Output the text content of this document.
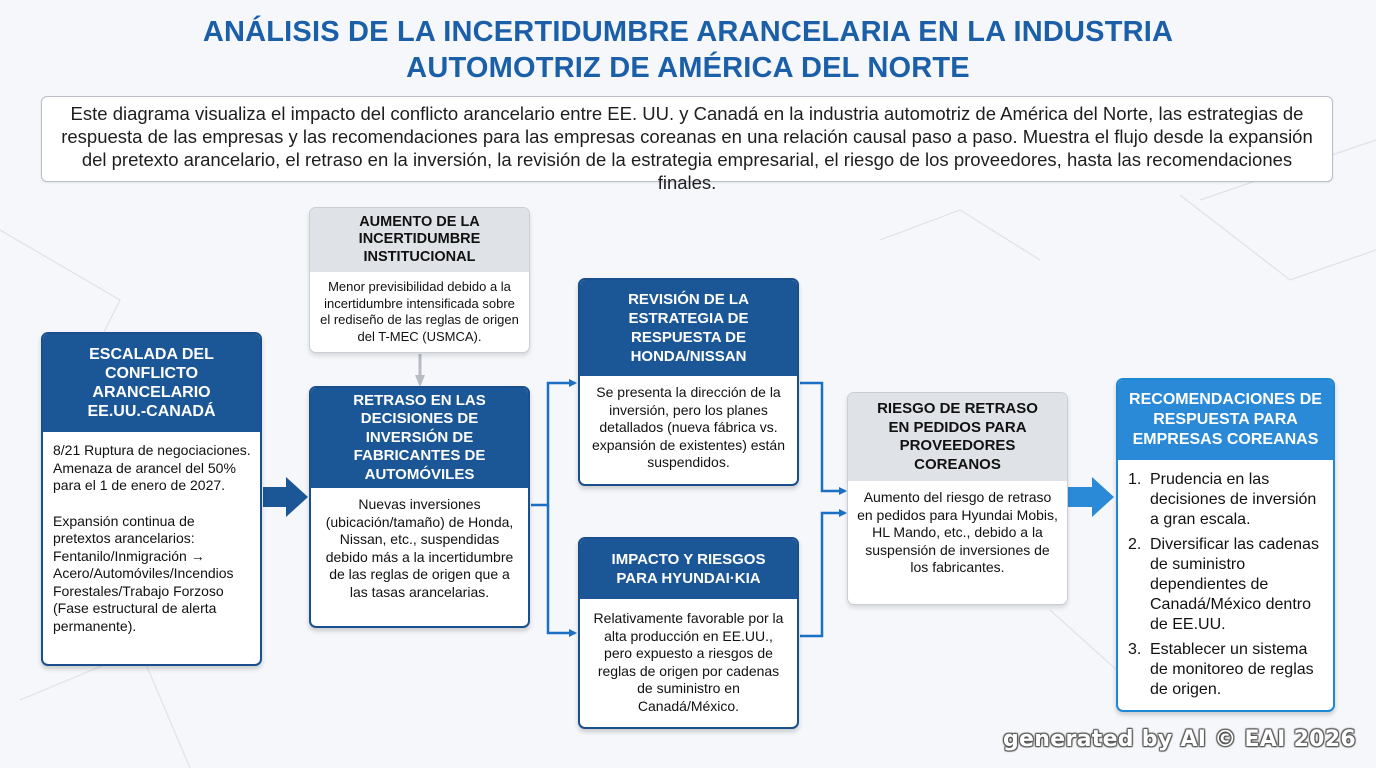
ANÁLISIS DE LA INCERTIDUMBRE ARANCELARIA EN LA INDUSTRIA
AUTOMOTRIZ DE AMÉRICA DEL NORTE
Este diagrama visualiza el impacto del conflicto arancelario entre EE. UU. y Canadá en la industria automotriz de América del Norte, las estrategias de respuesta de las empresas y las recomendaciones para las empresas coreanas en una relación causal paso a paso. Muestra el flujo desde la expansión del pretexto arancelario, el retraso en la inversión, la revisión de la estrategia empresarial, el riesgo de los proveedores, hasta las recomendaciones finales.
ESCALADA DEL CONFLICTO ARANCELARIO EE.UU.-CANADÁ
8/21 Ruptura de negociaciones. Amenaza de arancel del 50% para el 1 de enero de 2027.
Expansión continua de pretextos arancelarios: Fentanilo/Inmigración → Acero/Automóviles/Incendios Forestales/Trabajo Forzoso (Fase estructural de alerta permanente).
AUMENTO DE LA INCERTIDUMBRE INSTITUCIONAL
Menor previsibilidad debido a la incertidumbre intensificada sobre el rediseño de las reglas de origen del T-MEC (USMCA).
RETRASO EN LAS DECISIONES DE INVERSIÓN DE FABRICANTES DE AUTOMÓVILES
Nuevas inversiones (ubicación/tamaño) de Honda, Nissan, etc., suspendidas debido más a la incertidumbre de las reglas de origen que a las tasas arancelarias.
REVISIÓN DE LA ESTRATEGIA DE RESPUESTA DE HONDA/NISSAN
Se presenta la dirección de la inversión, pero los planes detallados (nueva fábrica vs. expansión de existentes) están suspendidos.
IMPACTO Y RIESGOS PARA HYUNDAI·KIA
Relativamente favorable por la alta producción en EE.UU., pero expuesto a riesgos de reglas de origen por cadenas de suministro en Canadá/México.
RIESGO DE RETRASO EN PEDIDOS PARA PROVEEDORES COREANOS
Aumento del riesgo de retraso en pedidos para Hyundai Mobis, HL Mando, etc., debido a la suspensión de inversiones de los fabricantes.
RECOMENDACIONES DE RESPUESTA PARA EMPRESAS COREANAS
1. Prudencia en las decisiones de inversión a gran escala.
2. Diversificar las cadenas de suministro dependientes de Canadá/México dentro de EE.UU.
3. Establecer un sistema de monitoreo de reglas de origen.
generated by AI © EAI 2026
